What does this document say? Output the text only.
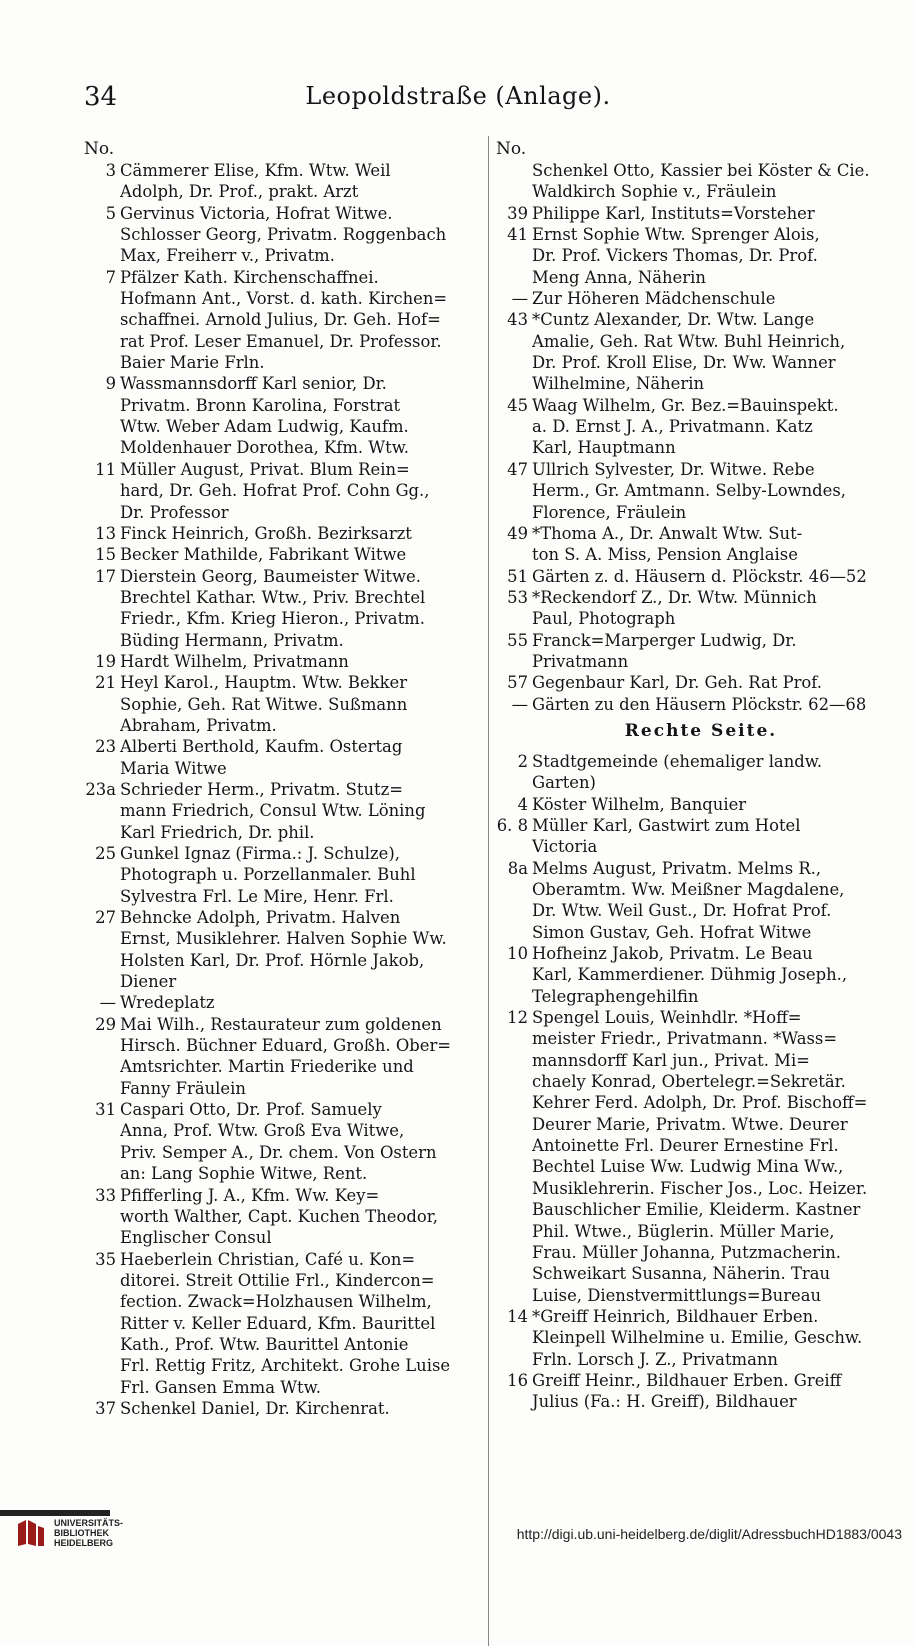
34	Leopoldstraße (Anlage).
No.
3 Cämmerer Elise, Kfm. Wtw. Weil
Adolph, Dr. Prof., prakt. Arzt
5 Gervinus Victoria, Hofrat Witwe.
Schlosser Georg, Privatm. Roggenbach
Max, Freiherr v., Privatm.
7 Pfälzer Kath. Kirchenschaffnei.
Hofmann Ant., Vorst. d. kath. Kirchen=
schaffnei. Arnold Julius, Dr. Geh. Hof=
rat Prof. Leser Emanuel, Dr. Professor.
Baier Marie Frln.
9 Wassmannsdorff Karl senior, Dr.
Privatm. Bronn Karolina, Forstrat
Wtw. Weber Adam Ludwig, Kaufm.
Moldenhauer Dorothea, Kfm. Wtw.
11 Müller August, Privat. Blum Rein=
hard, Dr. Geh. Hofrat Prof. Cohn Gg.,
Dr. Professor
13 Finck Heinrich, Großh. Bezirksarzt
15 Becker Mathilde, Fabrikant Witwe
17 Dierstein Georg, Baumeister Witwe.
Brechtel Kathar. Wtw., Priv. Brechtel
Friedr., Kfm. Krieg Hieron., Privatm.
Büding Hermann, Privatm.
19 Hardt Wilhelm, Privatmann
21 Heyl Karol., Hauptm. Wtw. Bekker
Sophie, Geh. Rat Witwe. Sußmann
Abraham, Privatm.
23 Alberti Berthold, Kaufm. Ostertag
Maria Witwe
23a Schrieder Herm., Privatm. Stutz=
mann Friedrich, Consul Wtw. Löning
Karl Friedrich, Dr. phil.
25 Gunkel Ignaz (Firma.: J. Schulze),
Photograph u. Porzellanmaler. Buhl
Sylvestra Frl. Le Mire, Henr. Frl.
27 Behncke Adolph, Privatm. Halven
Ernst, Musiklehrer. Halven Sophie Ww.
Holsten Karl, Dr. Prof. Hörnle Jakob,
Diener
— Wredeplatz
29 Mai Wilh., Restaurateur zum goldenen
Hirsch. Büchner Eduard, Großh. Ober=
Amtsrichter. Martin Friederike und
Fanny Fräulein
31 Caspari Otto, Dr. Prof. Samuely
Anna, Prof. Wtw. Groß Eva Witwe,
Priv. Semper A., Dr. chem. Von Ostern
an: Lang Sophie Witwe, Rent.
33 Pfifferling J. A., Kfm. Ww. Key=
worth Walther, Capt. Kuchen Theodor,
Englischer Consul
35 Haeberlein Christian, Café u. Kon=
ditorei. Streit Ottilie Frl., Kindercon=
fection. Zwack=Holzhausen Wilhelm,
Ritter v. Keller Eduard, Kfm. Baurittel
Kath., Prof. Wtw. Baurittel Antonie
Frl. Rettig Fritz, Architekt. Grohe Luise
Frl. Gansen Emma Wtw.
37 Schenkel Daniel, Dr. Kirchenrat.
No.
Schenkel Otto, Kassier bei Köster & Cie.
Waldkirch Sophie v., Fräulein
39 Philippe Karl, Instituts=Vorsteher
41 Ernst Sophie Wtw. Sprenger Alois,
Dr. Prof. Vickers Thomas, Dr. Prof.
Meng Anna, Näherin
— Zur Höheren Mädchenschule
43 *Cuntz Alexander, Dr. Wtw. Lange
Amalie, Geh. Rat Wtw. Buhl Heinrich,
Dr. Prof. Kroll Elise, Dr. Ww. Wanner
Wilhelmine, Näherin
45 Waag Wilhelm, Gr. Bez.=Bauinspekt.
a. D. Ernst J. A., Privatmann. Katz
Karl, Hauptmann
47 Ullrich Sylvester, Dr. Witwe. Rebe
Herm., Gr. Amtmann. Selby-Lowndes,
Florence, Fräulein
49 *Thoma A., Dr. Anwalt Wtw. Sut-
ton S. A. Miss, Pension Anglaise
51 Gärten z. d. Häusern d. Plöckstr. 46—52
53 *Reckendorf Z., Dr. Wtw. Münnich
Paul, Photograph
55 Franck=Marperger Ludwig, Dr.
Privatmann
57 Gegenbaur Karl, Dr. Geh. Rat Prof.
— Gärten zu den Häusern Plöckstr. 62—68
Rechte Seite.
2 Stadtgemeinde (ehemaliger landw.
Garten)
4 Köster Wilhelm, Banquier
6. 8 Müller Karl, Gastwirt zum Hotel
Victoria
8a Melms August, Privatm. Melms R.,
Oberamtm. Ww. Meißner Magdalene,
Dr. Wtw. Weil Gust., Dr. Hofrat Prof.
Simon Gustav, Geh. Hofrat Witwe
10 Hofheinz Jakob, Privatm. Le Beau
Karl, Kammerdiener. Dühmig Joseph.,
Telegraphengehilfin
12 Spengel Louis, Weinhdlr. *Hoff=
meister Friedr., Privatmann. *Wass=
mannsdorff Karl jun., Privat. Mi=
chaely Konrad, Obertelegr.=Sekretär.
Kehrer Ferd. Adolph, Dr. Prof. Bischoff=
Deurer Marie, Privatm. Wtwe. Deurer
Antoinette Frl. Deurer Ernestine Frl.
Bechtel Luise Ww. Ludwig Mina Ww.,
Musiklehrerin. Fischer Jos., Loc. Heizer.
Bauschlicher Emilie, Kleiderm. Kastner
Phil. Wtwe., Büglerin. Müller Marie,
Frau. Müller Johanna, Putzmacherin.
Schweikart Susanna, Näherin. Trau
Luise, Dienstvermittlungs=Bureau
14 *Greiff Heinrich, Bildhauer Erben.
Kleinpell Wilhelmine u. Emilie, Geschw.
Frln. Lorsch J. Z., Privatmann
16 Greiff Heinr., Bildhauer Erben. Greiff
Julius (Fa.: H. Greiff), Bildhauer
UNIVERSITÄTS-
BIBLIOTHEK
HEIDELBERG
http://digi.ub.uni-heidelberg.de/diglit/AdressbuchHD1883/0043
